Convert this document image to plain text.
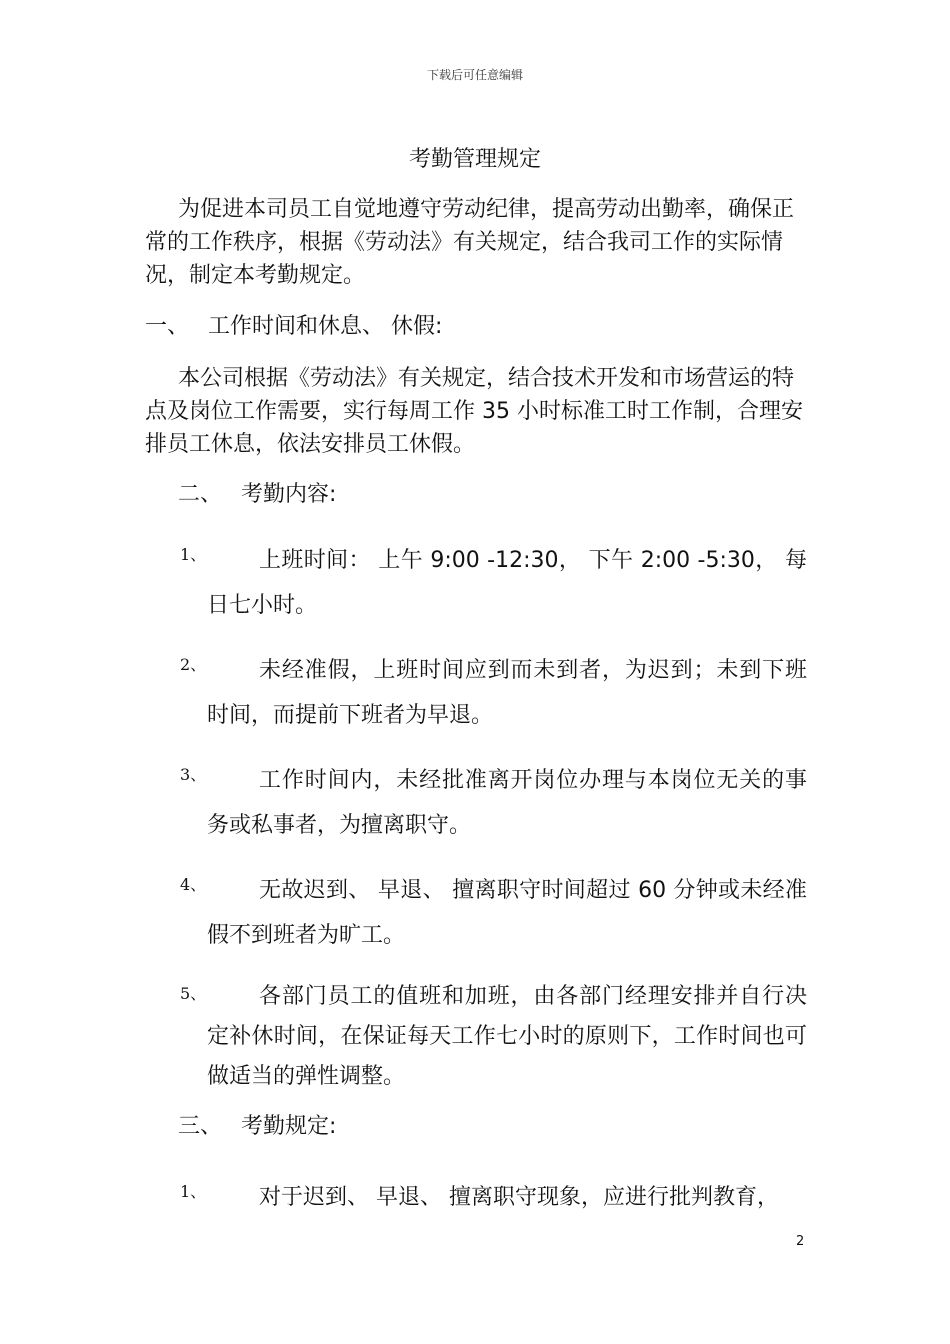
下载后可任意编辑
考勤管理规定
为促进本司员工自觉地遵守劳动纪律，提高劳动出勤率，确保正常的工作秩序，根据《劳动法》有关规定，结合我司工作的实际情况，制定本考勤规定。
一、 工作时间和休息、 休假:
本公司根据《劳动法》有关规定，结合技术开发和市场营运的特点及岗位工作需要，实行每周工作 35 小时标准工时工作制，合理安排员工休息，依法安排员工休假。
二、 考勤内容:
1、	上班时间： 上午 9:00 -12:30， 下午 2:00 -5:30， 每日七小时。
2、	未经准假，上班时间应到而未到者，为迟到；未到下班时间，而提前下班者为早退。
3、	工作时间内，未经批准离开岗位办理与本岗位无关的事务或私事者，为擅离职守。
4、	无故迟到、 早退、 擅离职守时间超过 60 分钟或未经准假不到班者为旷工。
5、	各部门员工的值班和加班，由各部门经理安排并自行决定补休时间，在保证每天工作七小时的原则下，工作时间也可做适当的弹性调整。
三、 考勤规定:
1、	对于迟到、 早退、 擅离职守现象，应进行批判教育，
2
